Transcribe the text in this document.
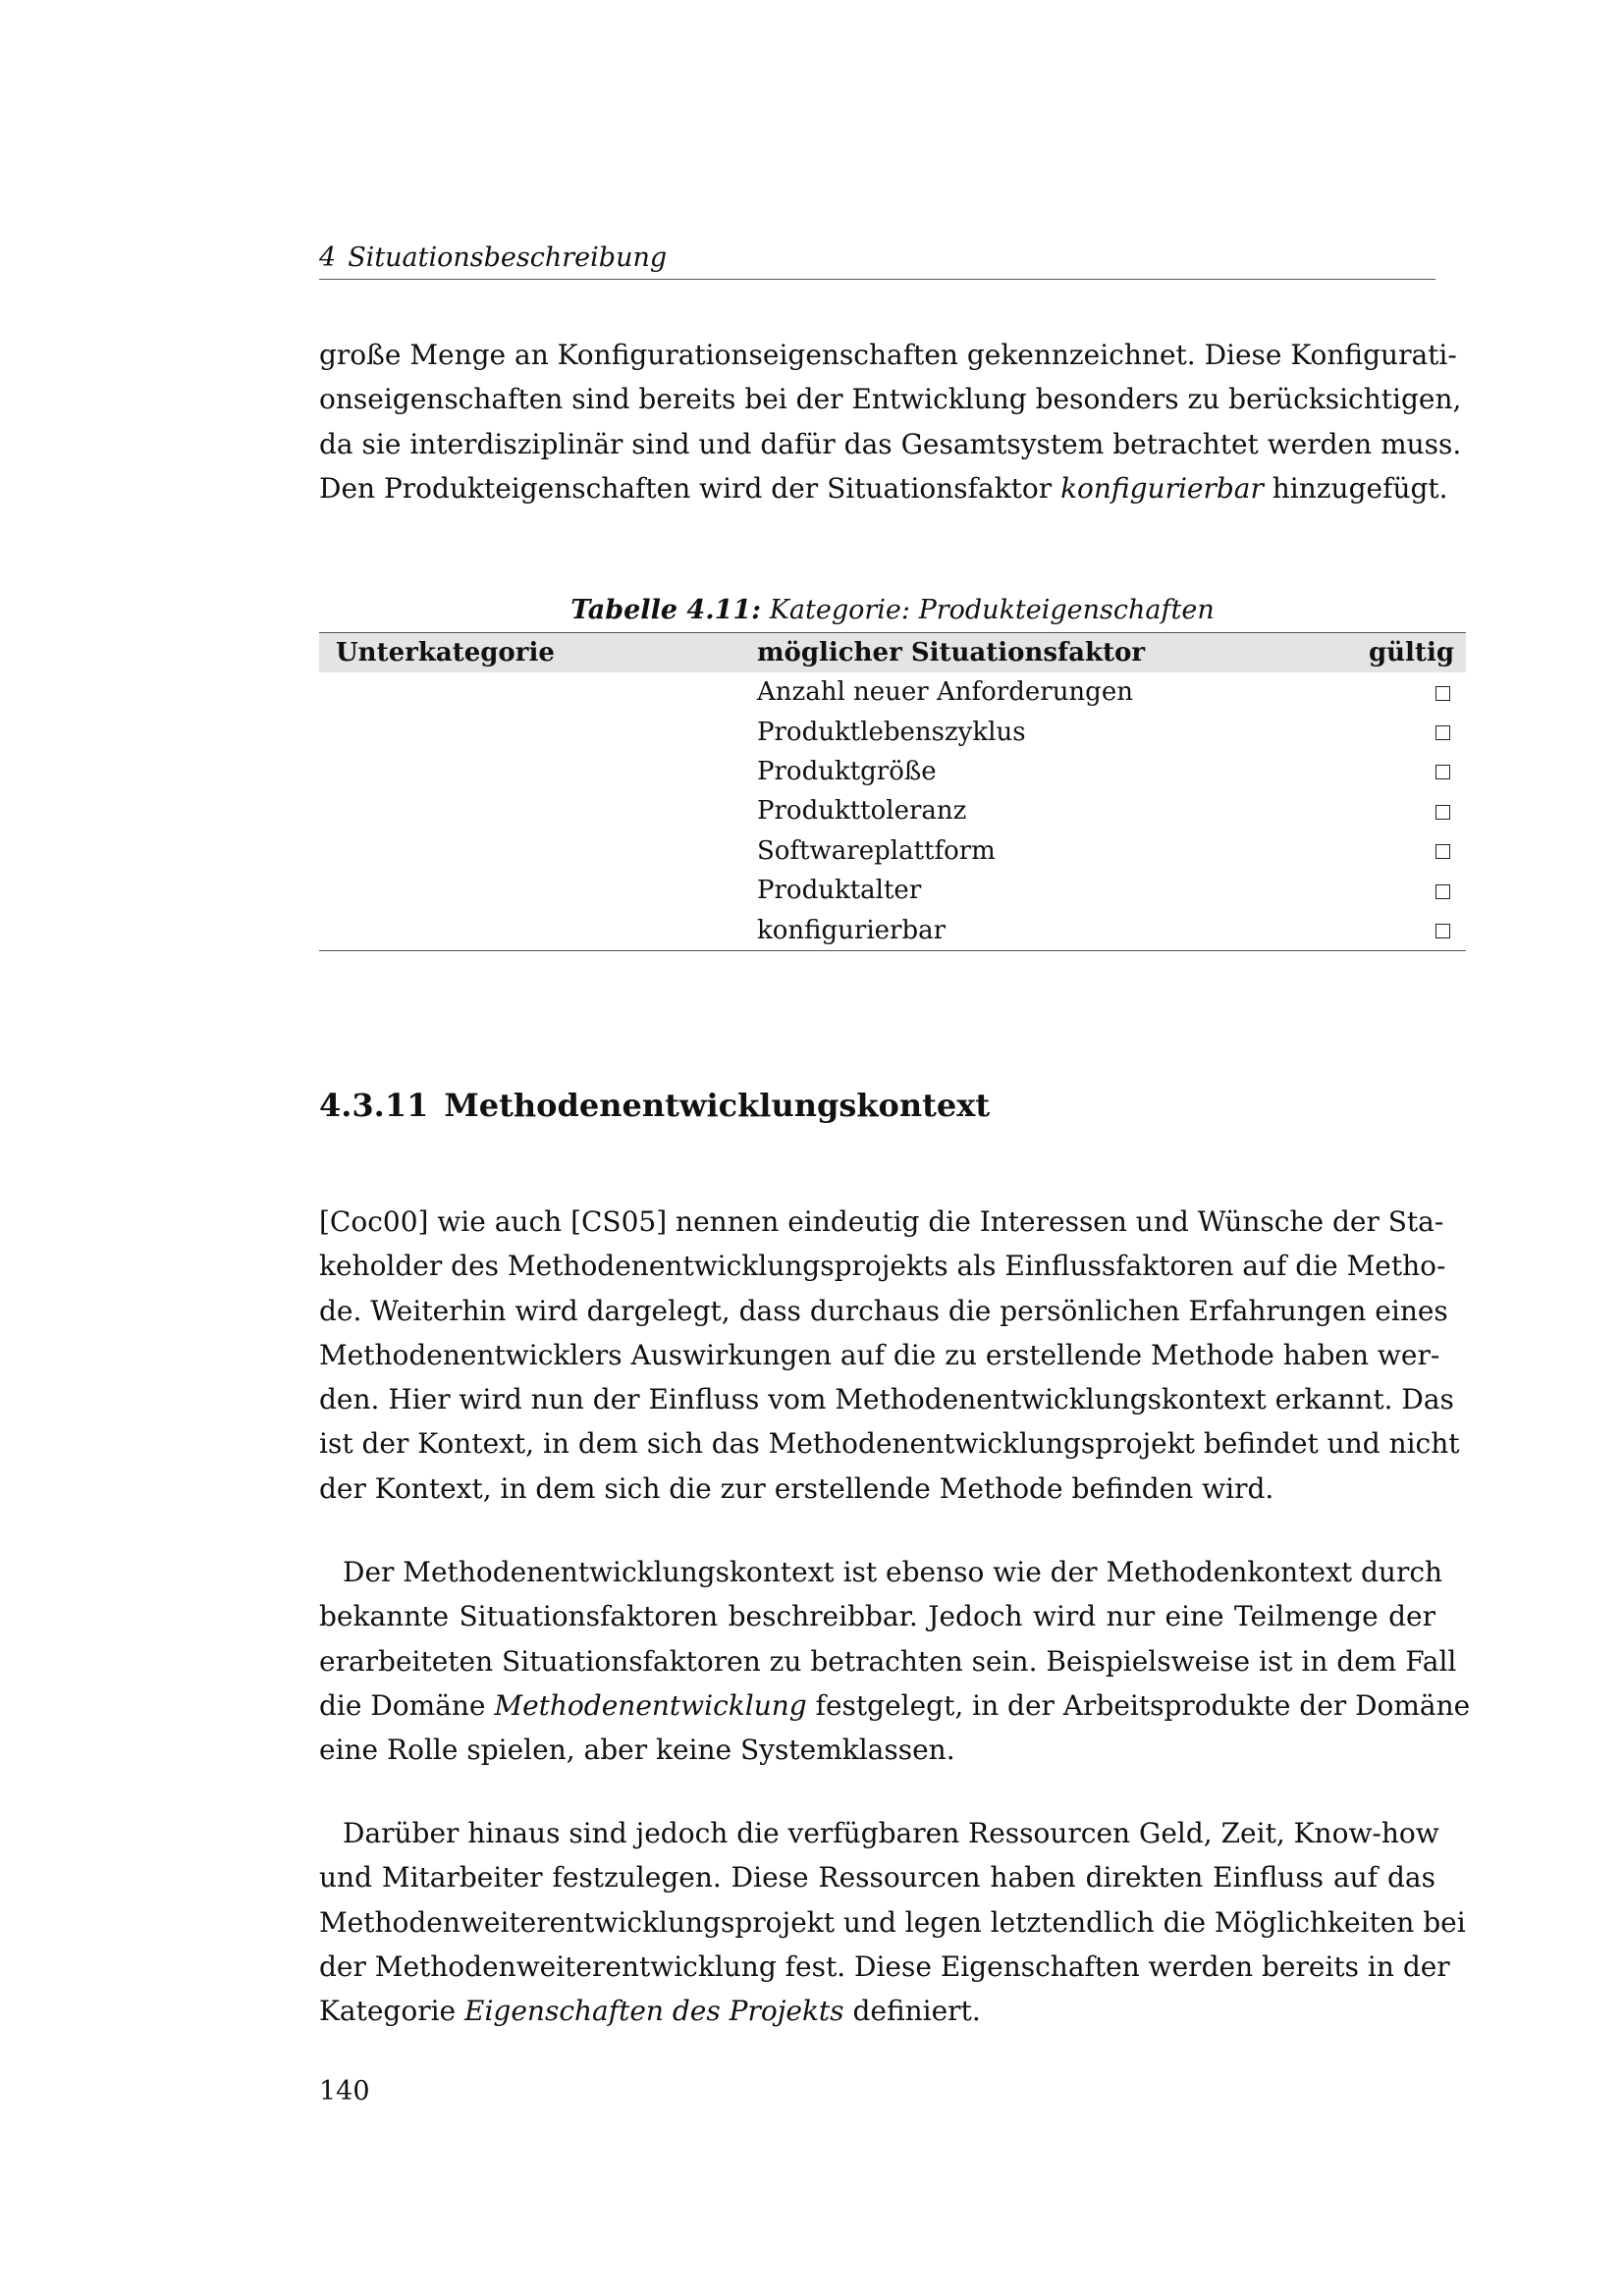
4 Situationsbeschreibung

große Menge an Konfigurationseigenschaften gekennzeichnet. Diese Konfigurati-
onseigenschaften sind bereits bei der Entwicklung besonders zu berücksichtigen,
da sie interdisziplinär sind und dafür das Gesamtsystem betrachtet werden muss.
Den Produkteigenschaften wird der Situationsfaktor konfigurierbar hinzugefügt.

Tabelle 4.11: Kategorie: Produkteigenschaften
Unterkategorie	möglicher Situationsfaktor	gültig
Anzahl neuer Anforderungen
Produktlebenszyklus
Produktgröße
Produkttoleranz
Softwareplattform
Produktalter
konfigurierbar
4.3.11 Methodenentwicklungskontext

[Coc00] wie auch [CS05] nennen eindeutig die Interessen und Wünsche der Sta-
keholder des Methodenentwicklungsprojekts als Einflussfaktoren auf die Metho-
de. Weiterhin wird dargelegt, dass durchaus die persönlichen Erfahrungen eines
Methodenentwicklers Auswirkungen auf die zu erstellende Methode haben wer-
den. Hier wird nun der Einfluss vom Methodenentwicklungskontext erkannt. Das
ist der Kontext, in dem sich das Methodenentwicklungsprojekt befindet und nicht
der Kontext, in dem sich die zur erstellende Methode befinden wird.

Der Methodenentwicklungskontext ist ebenso wie der Methodenkontext durch
bekannte Situationsfaktoren beschreibbar. Jedoch wird nur eine Teilmenge der
erarbeiteten Situationsfaktoren zu betrachten sein. Beispielsweise ist in dem Fall
die Domäne Methodenentwicklung festgelegt, in der Arbeitsprodukte der Domäne
eine Rolle spielen, aber keine Systemklassen.

Darüber hinaus sind jedoch die verfügbaren Ressourcen Geld, Zeit, Know-how
und Mitarbeiter festzulegen. Diese Ressourcen haben direkten Einfluss auf das
Methodenweiterentwicklungsprojekt und legen letztendlich die Möglichkeiten bei
der Methodenweiterentwicklung fest. Diese Eigenschaften werden bereits in der
Kategorie Eigenschaften des Projekts definiert.

140
